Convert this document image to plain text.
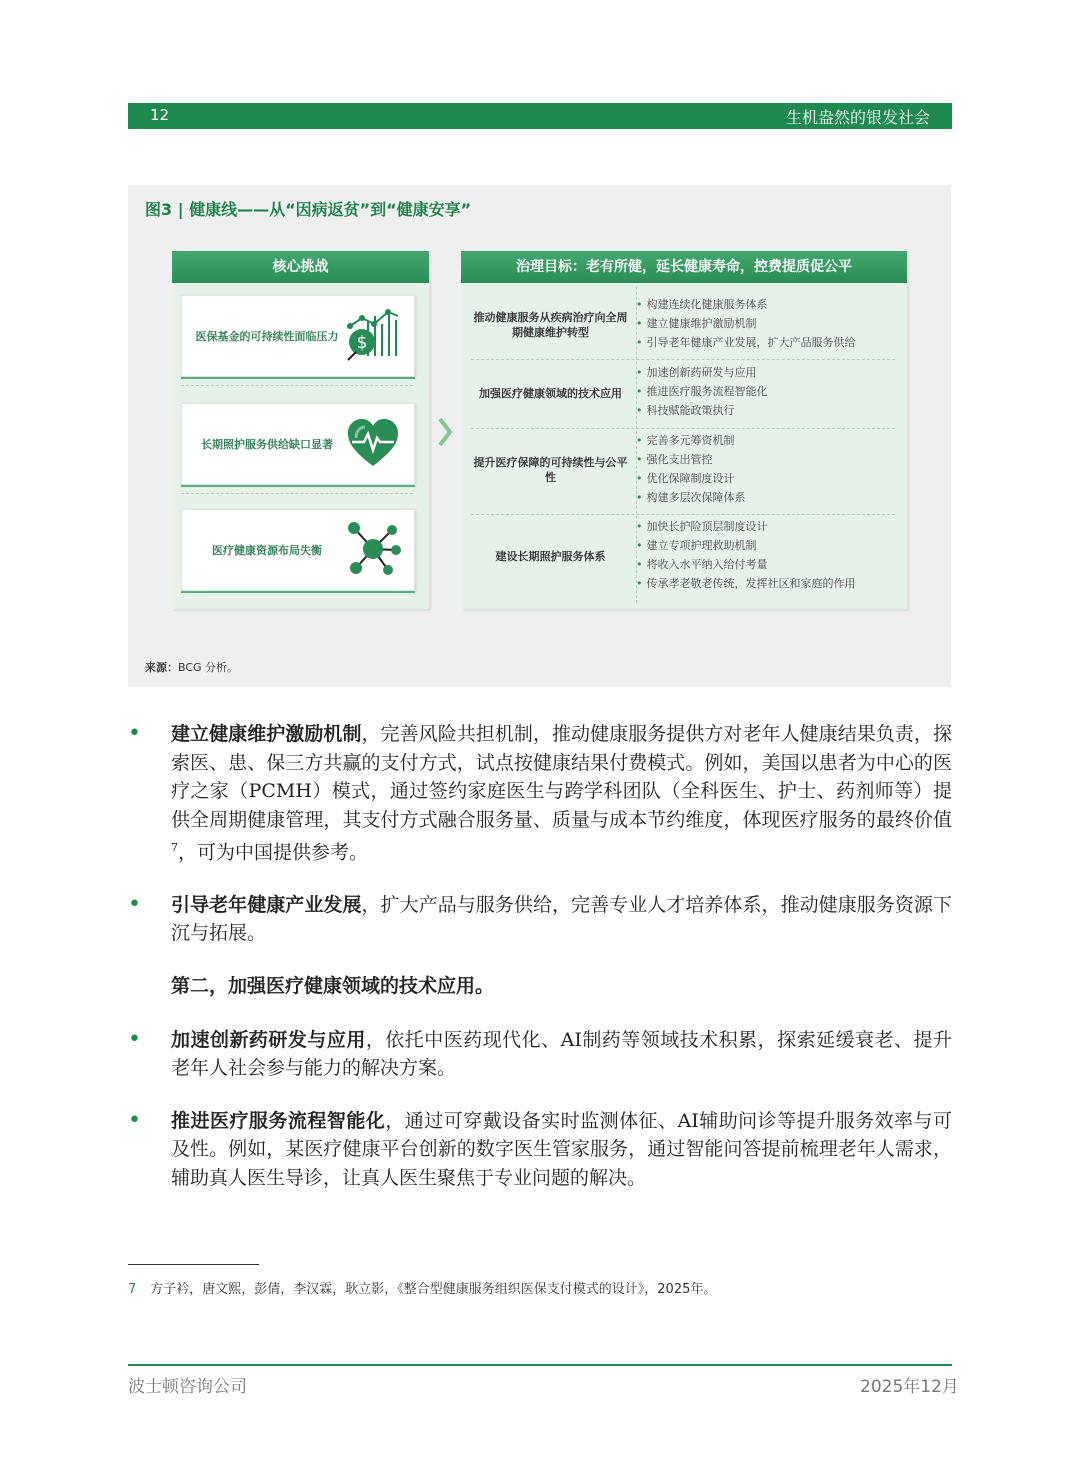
12	生机盎然的银发社会
图3 | 健康线——从“因病返贫”到“健康安享”
核心挑战
医保基金的可持续性面临压力 $
长期照护服务供给缺口显著
医疗健康资源布局失衡
治理目标：老有所健，延长健康寿命，控费提质促公平
推动健康服务从疾病治疗向全周期健康维护转型
• 构建连续化健康服务体系
• 建立健康维护激励机制
• 引导老年健康产业发展，扩大产品服务供给
加强医疗健康领域的技术应用
• 加速创新药研发与应用
• 推进医疗服务流程智能化
• 科技赋能政策执行
提升医疗保障的可持续性与公平性
• 完善多元筹资机制
• 强化支出管控
• 优化保障制度设计
• 构建多层次保障体系
建设长期照护服务体系
• 加快长护险顶层制度设计
• 建立专项护理救助机制
• 将收入水平纳入给付考量
• 传承孝老敬老传统，发挥社区和家庭的作用
来源：BCG 分析。
• 建立健康维护激励机制，完善风险共担机制，推动健康服务提供方对老年人健康结果负责，探索医、患、保三方共赢的支付方式，试点按健康结果付费模式。例如，美国以患者为中心的医疗之家（PCMH）模式，通过签约家庭医生与跨学科团队（全科医生、护士、药剂师等）提供全周期健康管理，其支付方式融合服务量、质量与成本节约维度，体现医疗服务的最终价值$^7$，可为中国提供参考。
• 引导老年健康产业发展，扩大产品与服务供给，完善专业人才培养体系，推动健康服务资源下沉与拓展。
第二，加强医疗健康领域的技术应用。
• 加速创新药研发与应用，依托中医药现代化、AI制药等领域技术积累，探索延缓衰老、提升老年人社会参与能力的解决方案。
• 推进医疗服务流程智能化，通过可穿戴设备实时监测体征、AI辅助问诊等提升服务效率与可及性。例如，某医疗健康平台创新的数字医生管家服务，通过智能问答提前梳理老年人需求，辅助真人医生导诊，让真人医生聚焦于专业问题的解决。
7 方子衿，唐文熙，彭倩，李汉霖，耿立影，《整合型健康服务组织医保支付模式的设计》，2025年。
波士顿咨询公司	2025年12月
